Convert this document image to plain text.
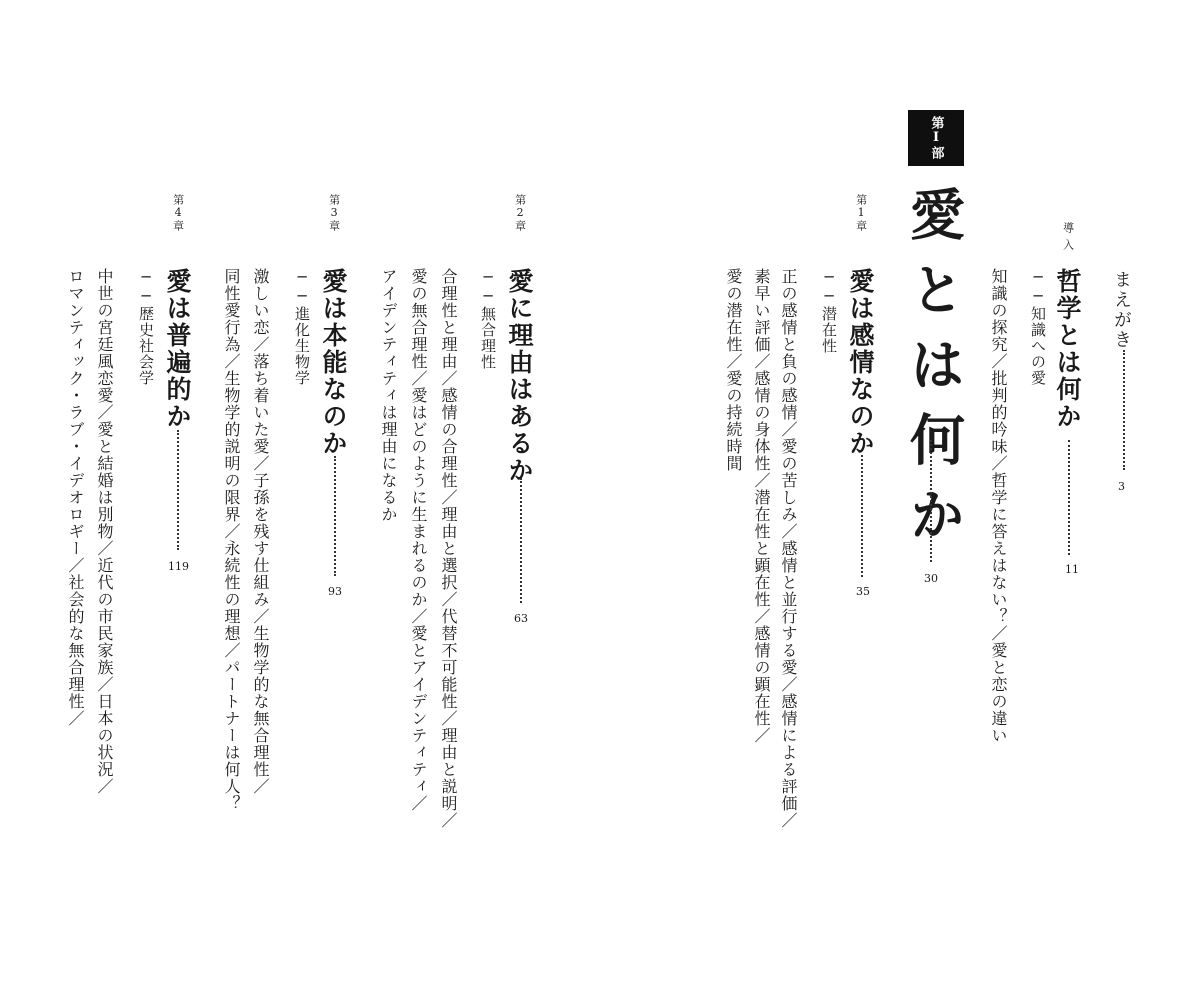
まえがき
3
導入
哲学とは何か
11
──知識への愛
知識の探究／批判的吟味／哲学に答えはない？／愛と恋の違い
第Ⅰ部
愛とは何か
30
第1章
愛は感情なのか
35
──潜在性
正の感情と負の感情／愛の苦しみ／感情と並行する愛／感情による評価／
素早い評価／感情の身体性／潜在性と顕在性／感情の顕在性／
愛の潜在性／愛の持続時間
第2章
愛に理由はあるか
63
──無合理性
合理性と理由／感情の合理性／理由と選択／代替不可能性／理由と説明／
愛の無合理性／愛はどのように生まれるのか／愛とアイデンティティ／
アイデンティティは理由になるか
第3章
愛は本能なのか
93
──進化生物学
激しい恋／落ち着いた愛／子孫を残す仕組み／生物学的な無合理性／
同性愛行為／生物学的説明の限界／永続性の理想／パートナーは何人？
第4章
愛は普遍的か
119
──歴史社会学
中世の宮廷風恋愛／愛と結婚は別物／近代の市民家族／日本の状況／
ロマンティック・ラブ・イデオロギー／社会的な無合理性／
